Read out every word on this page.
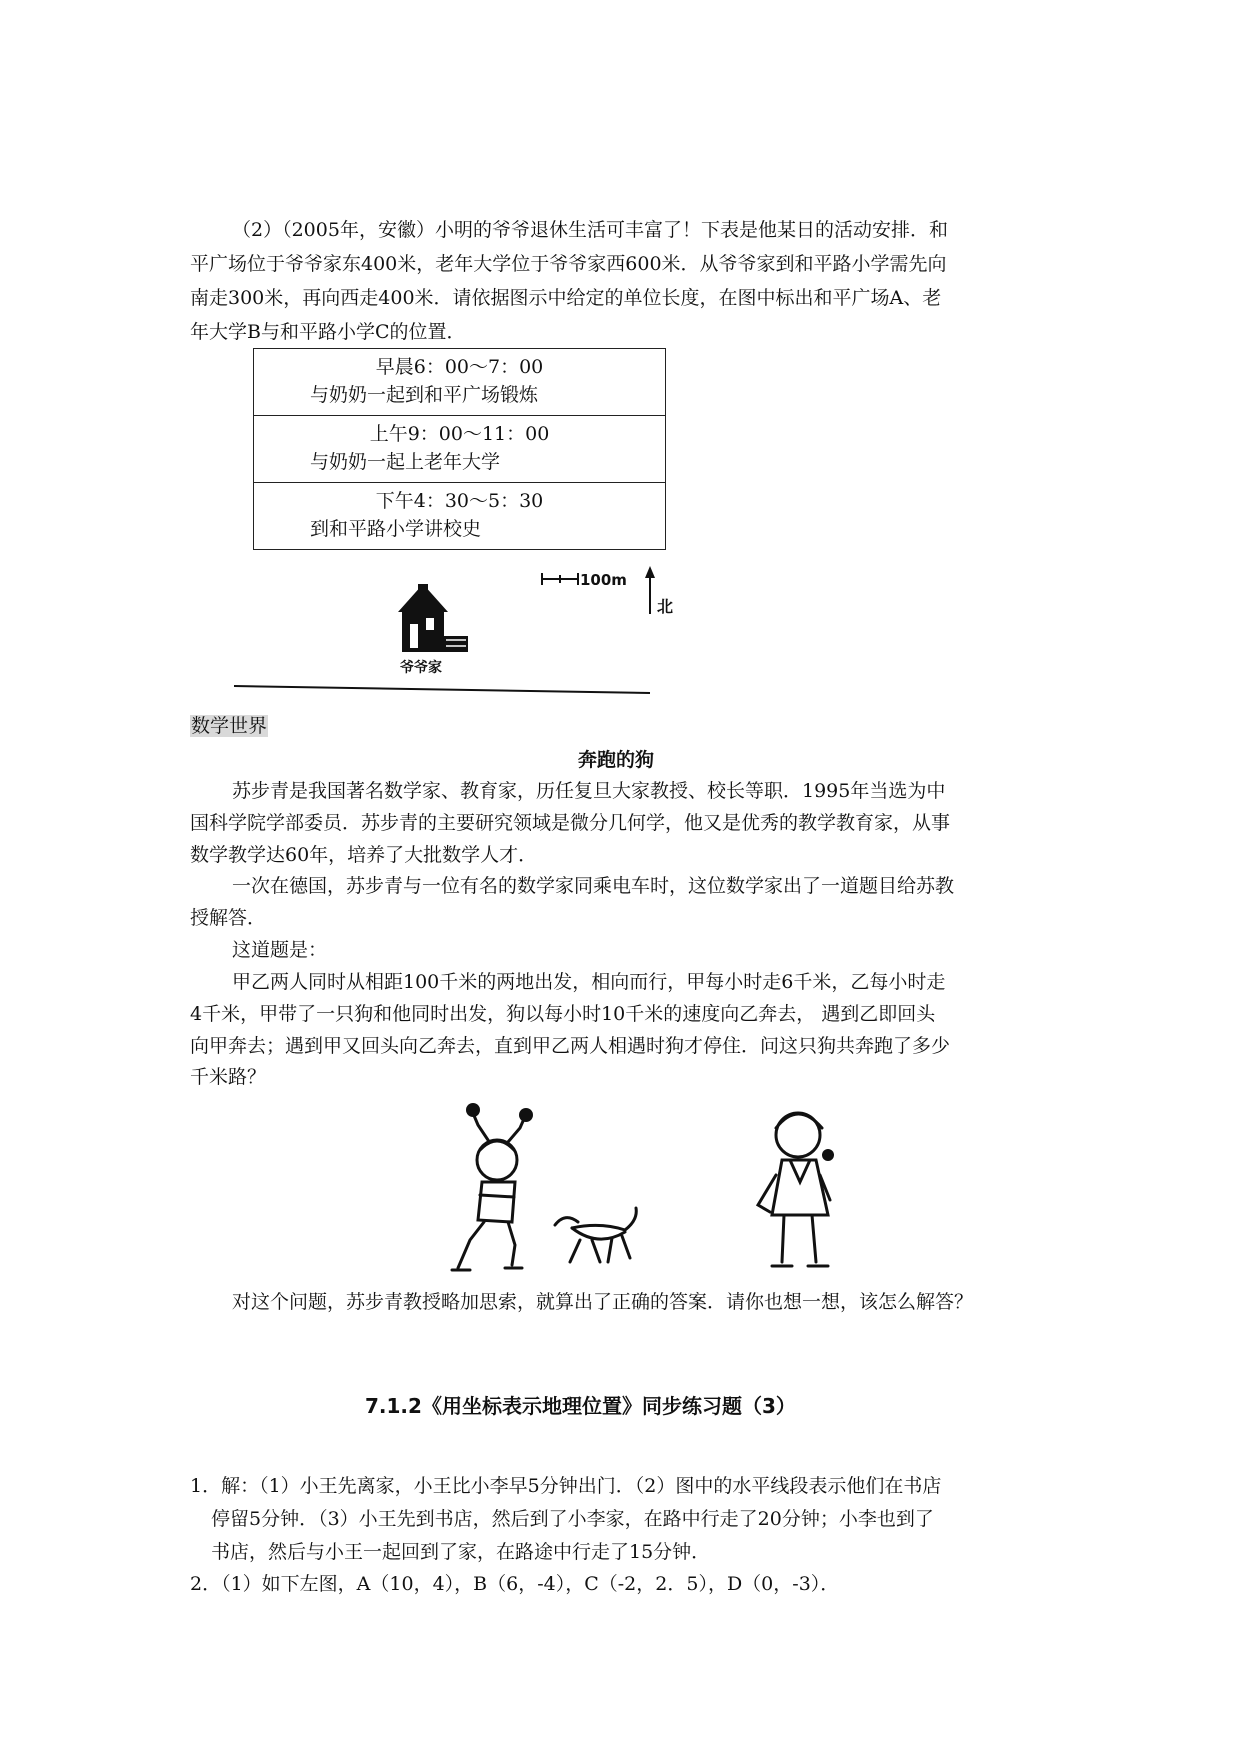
（2）（2005年，安徽）小明的爷爷退休生活可丰富了！下表是他某日的活动安排．和
平广场位于爷爷家东400米，老年大学位于爷爷家西600米．从爷爷家到和平路小学需先向
南走300米，再向西走400米．请依据图示中给定的单位长度，在图中标出和平广场A、老
年大学B与和平路小学C的位置．
早晨6：00～7：00
与奶奶一起到和平广场锻炼

上午9：00～11：00
与奶奶一起上老年大学

下午4：30～5：30
到和平路小学讲校史
100m
北
爷爷家
数学世界
奔跑的狗
苏步青是我国著名数学家、教育家，历任复旦大家教授、校长等职．1995年当选为中
国科学院学部委员．苏步青的主要研究领域是微分几何学，他又是优秀的教学教育家，从事
数学教学达60年，培养了大批数学人才．
一次在德国，苏步青与一位有名的数学家同乘电车时，这位数学家出了一道题目给苏教
授解答．
这道题是：
甲乙两人同时从相距100千米的两地出发，相向而行，甲每小时走6千米，乙每小时走
4千米，甲带了一只狗和他同时出发，狗以每小时10千米的速度向乙奔去， 遇到乙即回头
向甲奔去；遇到甲又回头向乙奔去，直到甲乙两人相遇时狗才停住．问这只狗共奔跑了多少
千米路？
对这个问题，苏步青教授略加思索，就算出了正确的答案．请你也想一想，该怎么解答？
7.1.2《用坐标表示地理位置》同步练习题（3）
1．解：（1）小王先离家，小王比小李早5分钟出门．（2）图中的水平线段表示他们在书店
停留5分钟．（3）小王先到书店，然后到了小李家，在路中行走了20分钟；小李也到了
书店，然后与小王一起回到了家，在路途中行走了15分钟．
2．（1）如下左图，A（10，4），B（6，-4），C（-2，2．5），D（0，-3）．
